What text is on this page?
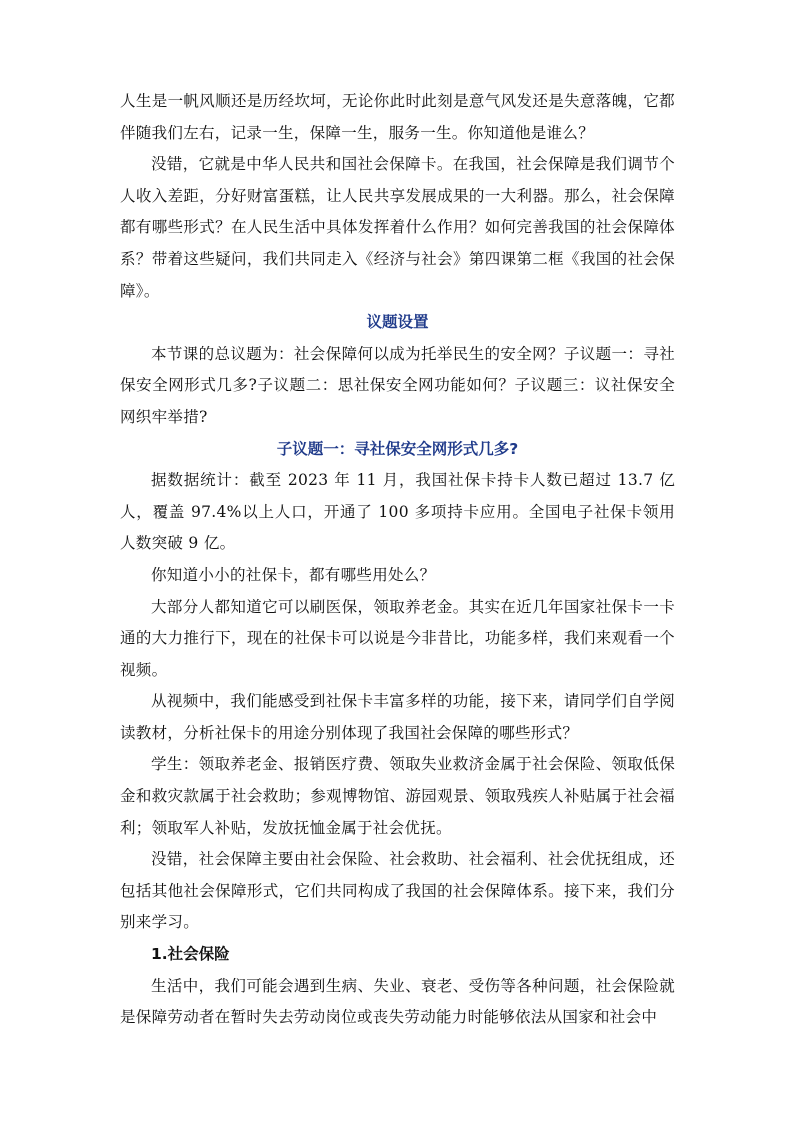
人生是一帆风顺还是历经坎坷，无论你此时此刻是意气风发还是失意落魄，它都伴随我们左右，记录一生，保障一生，服务一生。你知道他是谁么？

没错，它就是中华人民共和国社会保障卡。在我国，社会保障是我们调节个人收入差距，分好财富蛋糕，让人民共享发展成果的一大利器。那么，社会保障都有哪些形式？在人民生活中具体发挥着什么作用？如何完善我国的社会保障体系？带着这些疑问，我们共同走入《经济与社会》第四课第二框《我国的社会保障》。

议题设置

本节课的总议题为：社会保障何以成为托举民生的安全网？子议题一：寻社保安全网形式几多?子议题二：思社保安全网功能如何？子议题三：议社保安全网织牢举措?

子议题一：寻社保安全网形式几多?

据数据统计：截至 2023 年 11 月，我国社保卡持卡人数已超过 13.7 亿人，覆盖 97.4%以上人口，开通了 100 多项持卡应用。全国电子社保卡领用人数突破 9 亿。

你知道小小的社保卡，都有哪些用处么？

大部分人都知道它可以刷医保，领取养老金。其实在近几年国家社保卡一卡通的大力推行下，现在的社保卡可以说是今非昔比，功能多样，我们来观看一个视频。

从视频中，我们能感受到社保卡丰富多样的功能，接下来，请同学们自学阅读教材，分析社保卡的用途分别体现了我国社会保障的哪些形式？

学生：领取养老金、报销医疗费、领取失业救济金属于社会保险、领取低保金和救灾款属于社会救助；参观博物馆、游园观景、领取残疾人补贴属于社会福利；领取军人补贴，发放抚恤金属于社会优抚。

没错，社会保障主要由社会保险、社会救助、社会福利、社会优抚组成，还包括其他社会保障形式，它们共同构成了我国的社会保障体系。接下来，我们分别来学习。

1.社会保险

生活中，我们可能会遇到生病、失业、衰老、受伤等各种问题，社会保险就是保障劳动者在暂时失去劳动岗位或丧失劳动能力时能够依法从国家和社会中
